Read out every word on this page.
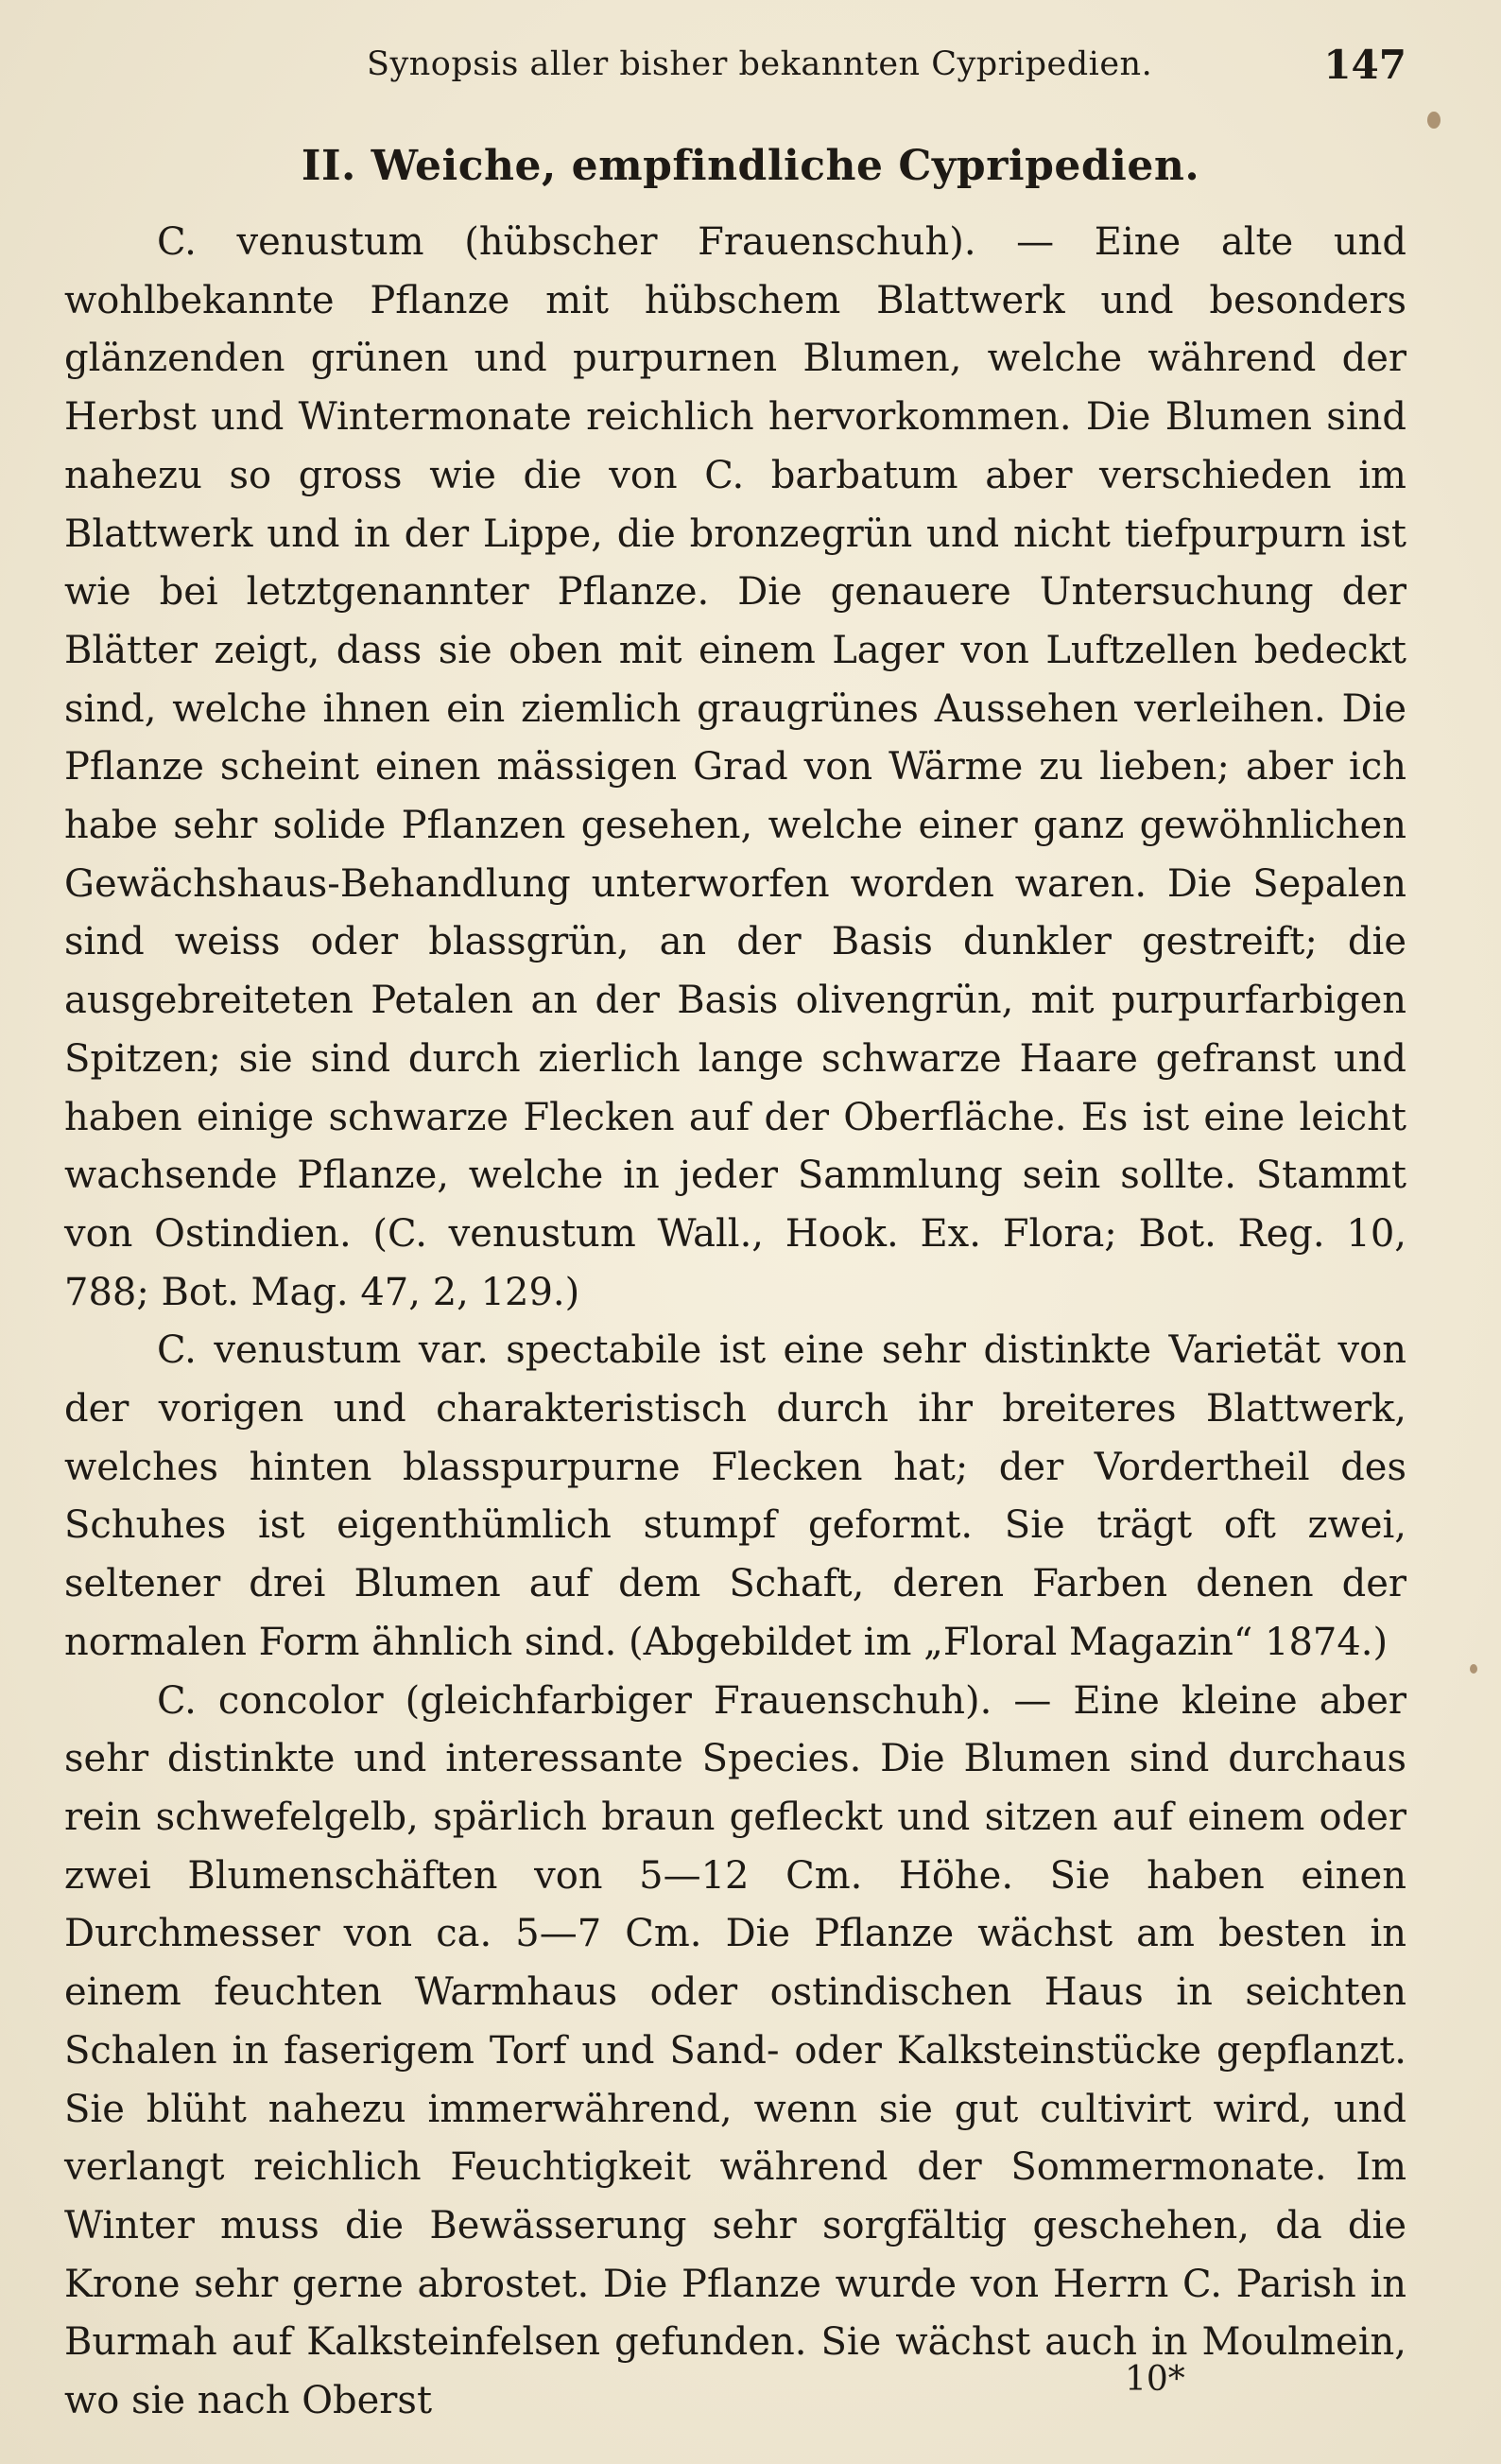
Synopsis aller bisher bekannten Cypripedien.	147
II. Weiche, empfindliche Cypripedien.

C. venustum (hübscher Frauenschuh). — Eine alte und wohlbekannte Pflanze mit hübschem Blattwerk und besonders glänzenden grünen und purpurnen Blumen, welche während der Herbst und Wintermonate reichlich hervorkommen. Die Blumen sind nahezu so gross wie die von C. barbatum aber verschieden im Blattwerk und in der Lippe, die bronzegrün und nicht tiefpurpurn ist wie bei letztgenannter Pflanze. Die genauere Untersuchung der Blätter zeigt, dass sie oben mit einem Lager von Luftzellen bedeckt sind, welche ihnen ein ziemlich graugrünes Aussehen verleihen. Die Pflanze scheint einen mässigen Grad von Wärme zu lieben; aber ich habe sehr solide Pflanzen gesehen, welche einer ganz gewöhnlichen Gewächshaus-Behandlung unterworfen worden waren. Die Sepalen sind weiss oder blassgrün, an der Basis dunkler gestreift; die ausgebreiteten Petalen an der Basis olivengrün, mit purpurfarbigen Spitzen; sie sind durch zierlich lange schwarze Haare gefranst und haben einige schwarze Flecken auf der Oberfläche. Es ist eine leicht wachsende Pflanze, welche in jeder Sammlung sein sollte. Stammt von Ostindien. (C. venustum Wall., Hook. Ex. Flora; Bot. Reg. 10, 788; Bot. Mag. 47, 2, 129.)

C. venustum var. spectabile ist eine sehr distinkte Varietät von der vorigen und charakteristisch durch ihr breiteres Blattwerk, welches hinten blasspurpurne Flecken hat; der Vordertheil des Schuhes ist eigenthümlich stumpf geformt. Sie trägt oft zwei, seltener drei Blumen auf dem Schaft, deren Farben denen der normalen Form ähnlich sind. (Abgebildet im „Floral Magazin“ 1874.)

C. concolor (gleichfarbiger Frauenschuh). — Eine kleine aber sehr distinkte und interessante Species. Die Blumen sind durchaus rein schwefelgelb, spärlich braun gefleckt und sitzen auf einem oder zwei Blumenschäften von 5—12 Cm. Höhe. Sie haben einen Durchmesser von ca. 5—7 Cm. Die Pflanze wächst am besten in einem feuchten Warmhaus oder ostindischen Haus in seichten Schalen in faserigem Torf und Sand- oder Kalksteinstücke gepflanzt. Sie blüht nahezu immerwährend, wenn sie gut cultivirt wird, und verlangt reichlich Feuchtigkeit während der Sommermonate. Im Winter muss die Bewässerung sehr sorgfältig geschehen, da die Krone sehr gerne abrostet. Die Pflanze wurde von Herrn C. Parish in Burmah auf Kalksteinfelsen gefunden. Sie wächst auch in Moulmein, wo sie nach Oberst	10*
